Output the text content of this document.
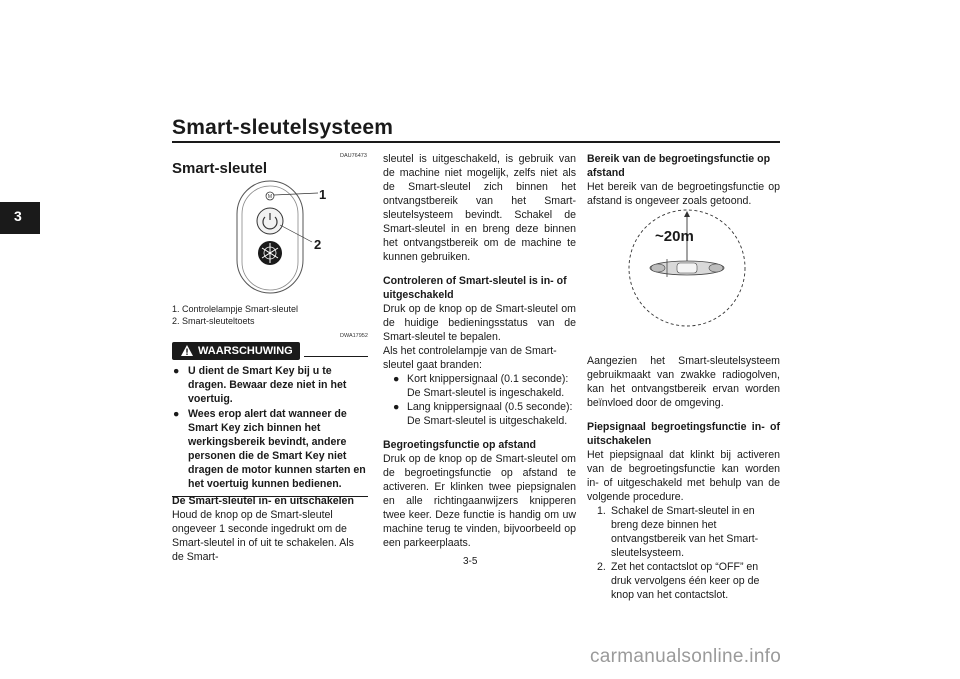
Smart-sleutelsysteem
3
DAU76473
Smart-sleutel
M	1
2
1. Controlelampje Smart-sleutel
2. Smart-sleuteltoets
DWA17952
WAARSCHUWING
● U dient de Smart Key bij u te dragen. Bewaar deze niet in het voertuig.
● Wees erop alert dat wanneer de Smart Key zich binnen het werkingsbereik bevindt, andere personen die de Smart Key niet dragen de motor kunnen starten en het voertuig kunnen bedienen.

De Smart-sleutel in- en uitschakelen

Houd de knop op de Smart-sleutel ongeveer 1 seconde ingedrukt om de Smart-sleutel in of uit te schakelen. Als de Smart-

sleutel is uitgeschakeld, is gebruik van de machine niet mogelijk, zelfs niet als de Smart-sleutel zich binnen het ontvangstbereik van het Smart-sleutelsysteem bevindt. Schakel de Smart-sleutel in en breng deze binnen het ontvangstbereik om de machine te kunnen gebruiken.

Controleren of Smart-sleutel is in- of uitgeschakeld

Druk op de knop op de Smart-sleutel om de huidige bedieningsstatus van de Smart-sleutel te bepalen.

Als het controlelampje van de Smart-sleutel gaat branden:

● Kort knippersignaal (0.1 seconde): De Smart-sleutel is ingeschakeld.
● Lang knippersignaal (0.5 seconde): De Smart-sleutel is uitgeschakeld.

Begroetingsfunctie op afstand

Druk op de knop op de Smart-sleutel om de begroetingsfunctie op afstand te activeren. Er klinken twee piepsignalen en alle richtingaanwijzers knipperen twee keer. Deze functie is handig om uw machine terug te vinden, bijvoorbeeld op een parkeerplaats.

Bereik van de begroetingsfunctie op afstand

Het bereik van de begroetingsfunctie op afstand is ongeveer zoals getoond.

Aangezien het Smart-sleutelsysteem gebruikmaakt van zwakke radiogolven, kan het ontvangstbereik ervan worden beïnvloed door de omgeving.

Piepsignaal begroetingsfunctie in- of uitschakelen

Het piepsignaal dat klinkt bij activeren van de begroetingsfunctie kan worden in- of uitgeschakeld met behulp van de volgende procedure.

1. Schakel de Smart-sleutel in en breng deze binnen het ontvangstbereik van het Smart-sleutelsysteem.
2. Zet het contactslot op “OFF” en druk vervolgens één keer op de knop van het contactslot.
~20m
3-5
carmanualsonline.info
